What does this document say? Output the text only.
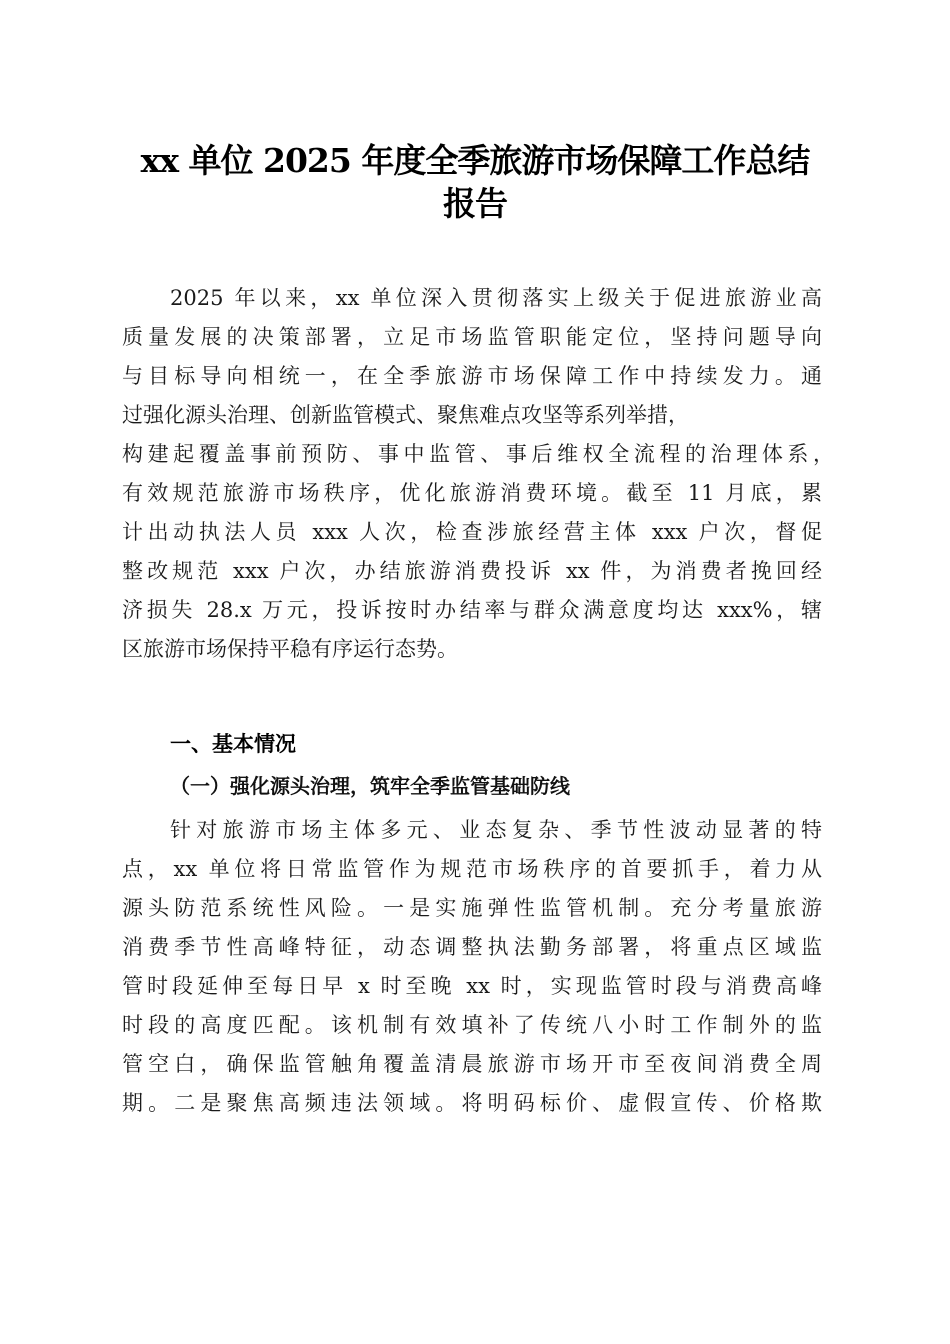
xx 单位 2025 年度全季旅游市场保障工作总结
报告
2025 年以来，xx 单位深入贯彻落实上级关于促进旅游业高
质量发展的决策部署，立足市场监管职能定位，坚持问题导向
与目标导向相统一，在全季旅游市场保障工作中持续发力。通
过强化源头治理、创新监管模式、聚焦难点攻坚等系列举措，
构建起覆盖事前预防、事中监管、事后维权全流程的治理体系，
有效规范旅游市场秩序，优化旅游消费环境。截至 11 月底，累
计出动执法人员 xxx 人次，检查涉旅经营主体 xxx 户次，督促
整改规范 xxx 户次，办结旅游消费投诉 xx 件，为消费者挽回经
济损失 28.x 万元，投诉按时办结率与群众满意度均达 xxx%，辖
区旅游市场保持平稳有序运行态势。
一、基本情况
（一）强化源头治理，筑牢全季监管基础防线
针对旅游市场主体多元、业态复杂、季节性波动显著的特
点，xx 单位将日常监管作为规范市场秩序的首要抓手，着力从
源头防范系统性风险。一是实施弹性监管机制。充分考量旅游
消费季节性高峰特征，动态调整执法勤务部署，将重点区域监
管时段延伸至每日早 x 时至晚 xx 时，实现监管时段与消费高峰
时段的高度匹配。该机制有效填补了传统八小时工作制外的监
管空白，确保监管触角覆盖清晨旅游市场开市至夜间消费全周
期。二是聚焦高频违法领域。将明码标价、虚假宣传、价格欺
